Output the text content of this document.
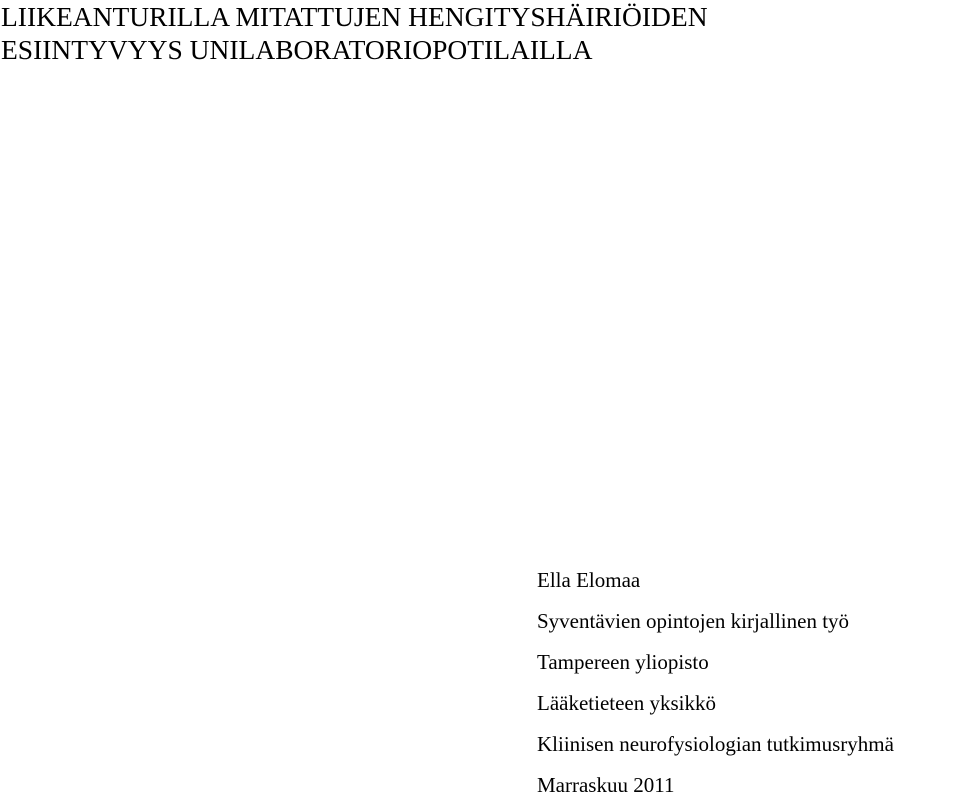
LIIKEANTURILLA MITATTUJEN HENGITYSHÄIRIÖIDEN
ESIINTYVYYS UNILABORATORIOPOTILAILLA
Ella Elomaa
Syventävien opintojen kirjallinen työ
Tampereen yliopisto
Lääketieteen yksikkö
Kliinisen neurofysiologian tutkimusryhmä
Marraskuu 2011
